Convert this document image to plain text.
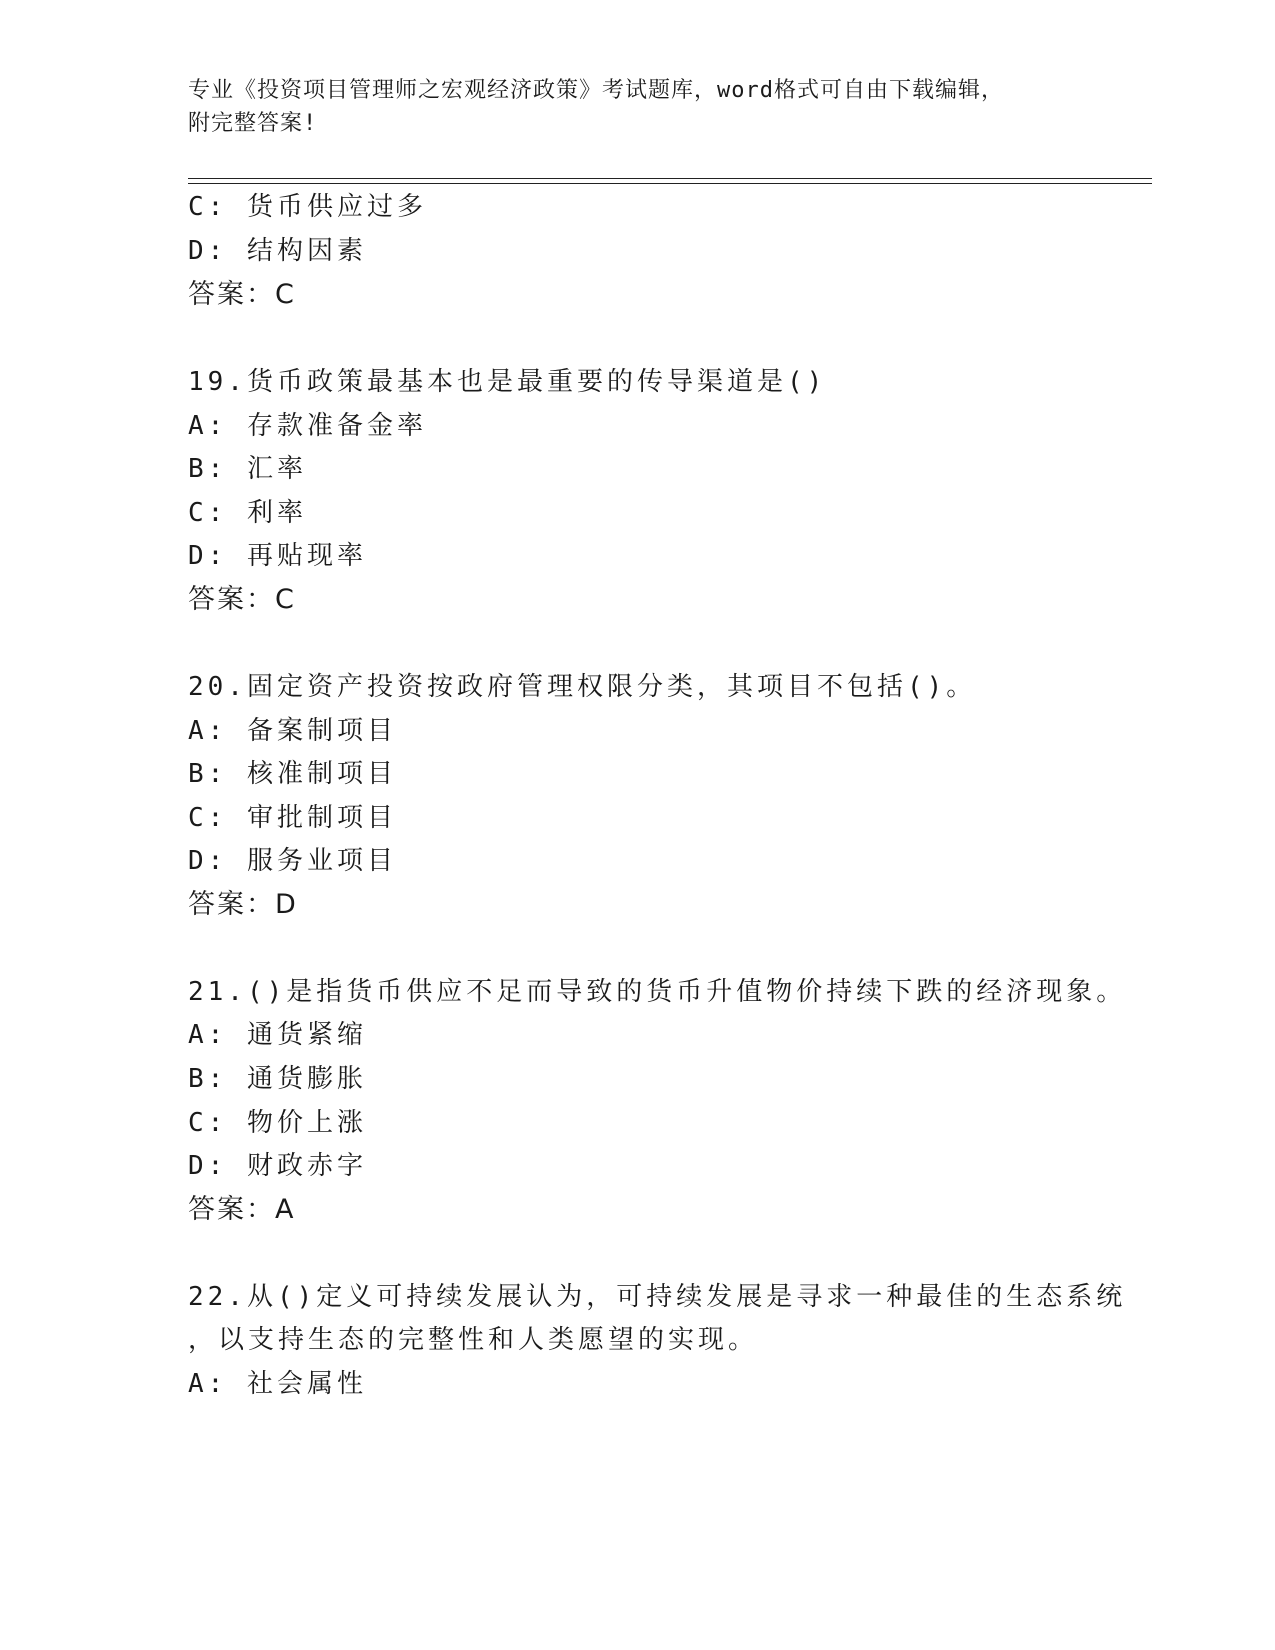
专业《投资项目管理师之宏观经济政策》考试题库，word格式可自由下载编辑，
附完整答案!
C: 货币供应过多
D: 结构因素
答案：C
19.货币政策最基本也是最重要的传导渠道是()
A: 存款准备金率
B: 汇率
C: 利率
D: 再贴现率
答案：C
20.固定资产投资按政府管理权限分类，其项目不包括()。
A: 备案制项目
B: 核准制项目
C: 审批制项目
D: 服务业项目
答案：D
21.()是指货币供应不足而导致的货币升值物价持续下跌的经济现象。
A: 通货紧缩
B: 通货膨胀
C: 物价上涨
D: 财政赤字
答案：A
22.从()定义可持续发展认为，可持续发展是寻求一种最佳的生态系统
，以支持生态的完整性和人类愿望的实现。
A: 社会属性
